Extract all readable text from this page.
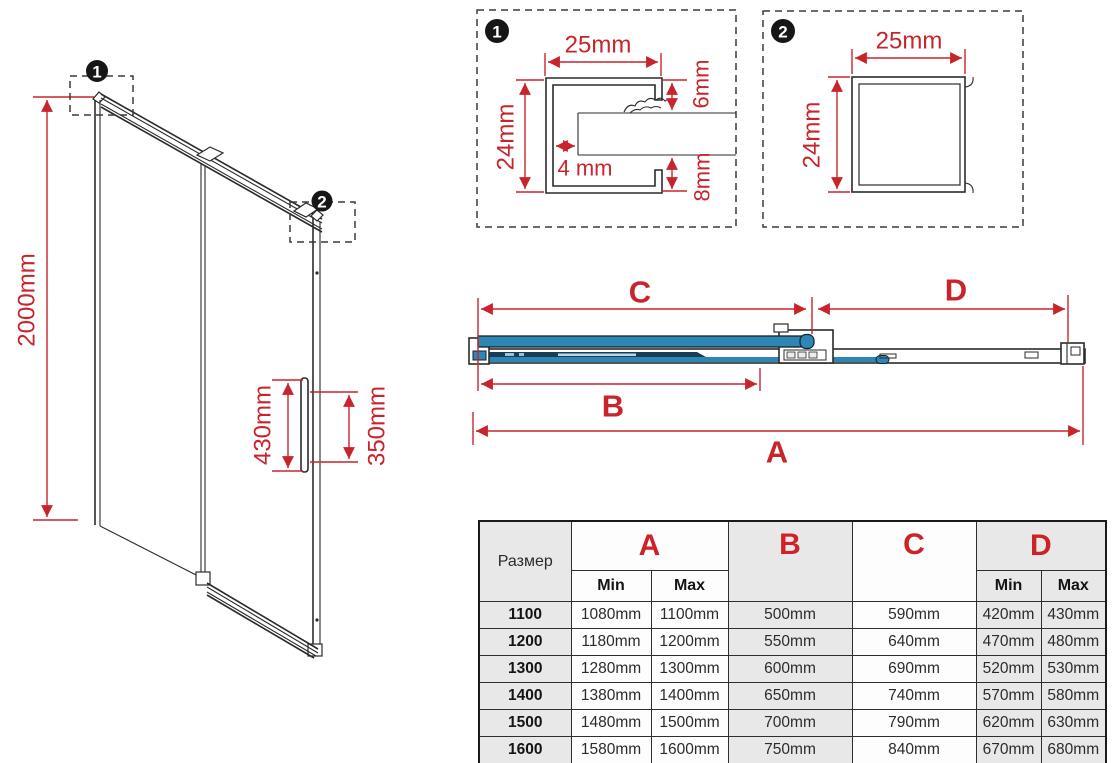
2000mm
430mm	350mm
1
2
1	25mm
24mm
6mm
8mm
4 mm
2	25mm
24mm
C	D
B
A
Размер	A		B	C	D	
	Min	Max			Min	Max
1100	1080mm	1100mm	500mm	590mm	420mm	430mm
1200	1180mm	1200mm	550mm	640mm	470mm	480mm
1300	1280mm	1300mm	600mm	690mm	520mm	530mm
1400	1380mm	1400mm	650mm	740mm	570mm	580mm
1500	1480mm	1500mm	700mm	790mm	620mm	630mm
1600	1580mm	1600mm	750mm	840mm	670mm	680mm
